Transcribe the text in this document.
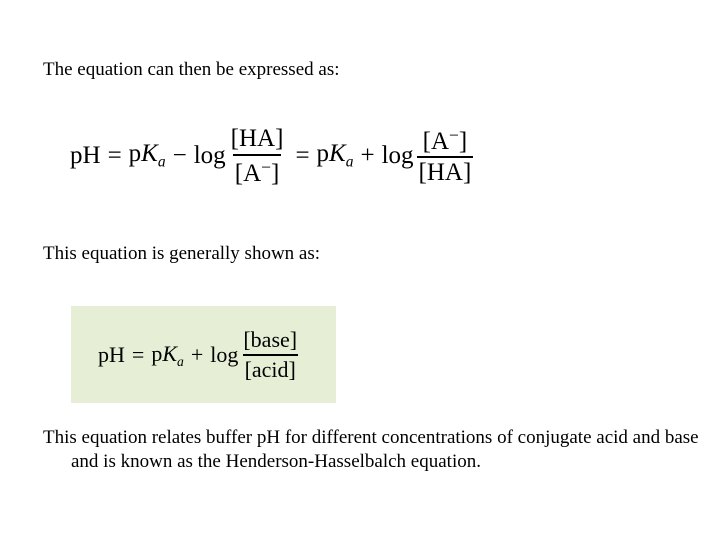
The equation can then be expressed as:
pH = $pK_a - \log \frac{[HA]}{[A^-]} = pK_a + \log \frac{[A^-]}{[HA]}$
This equation is generally shown as:
pH = $pK_a + \log \frac{\text{[base]}}{\text{[acid]}}$
This equation relates buffer pH for different concentrations of conjugate acid and base and is known as the Henderson-Hasselbalch equation.
